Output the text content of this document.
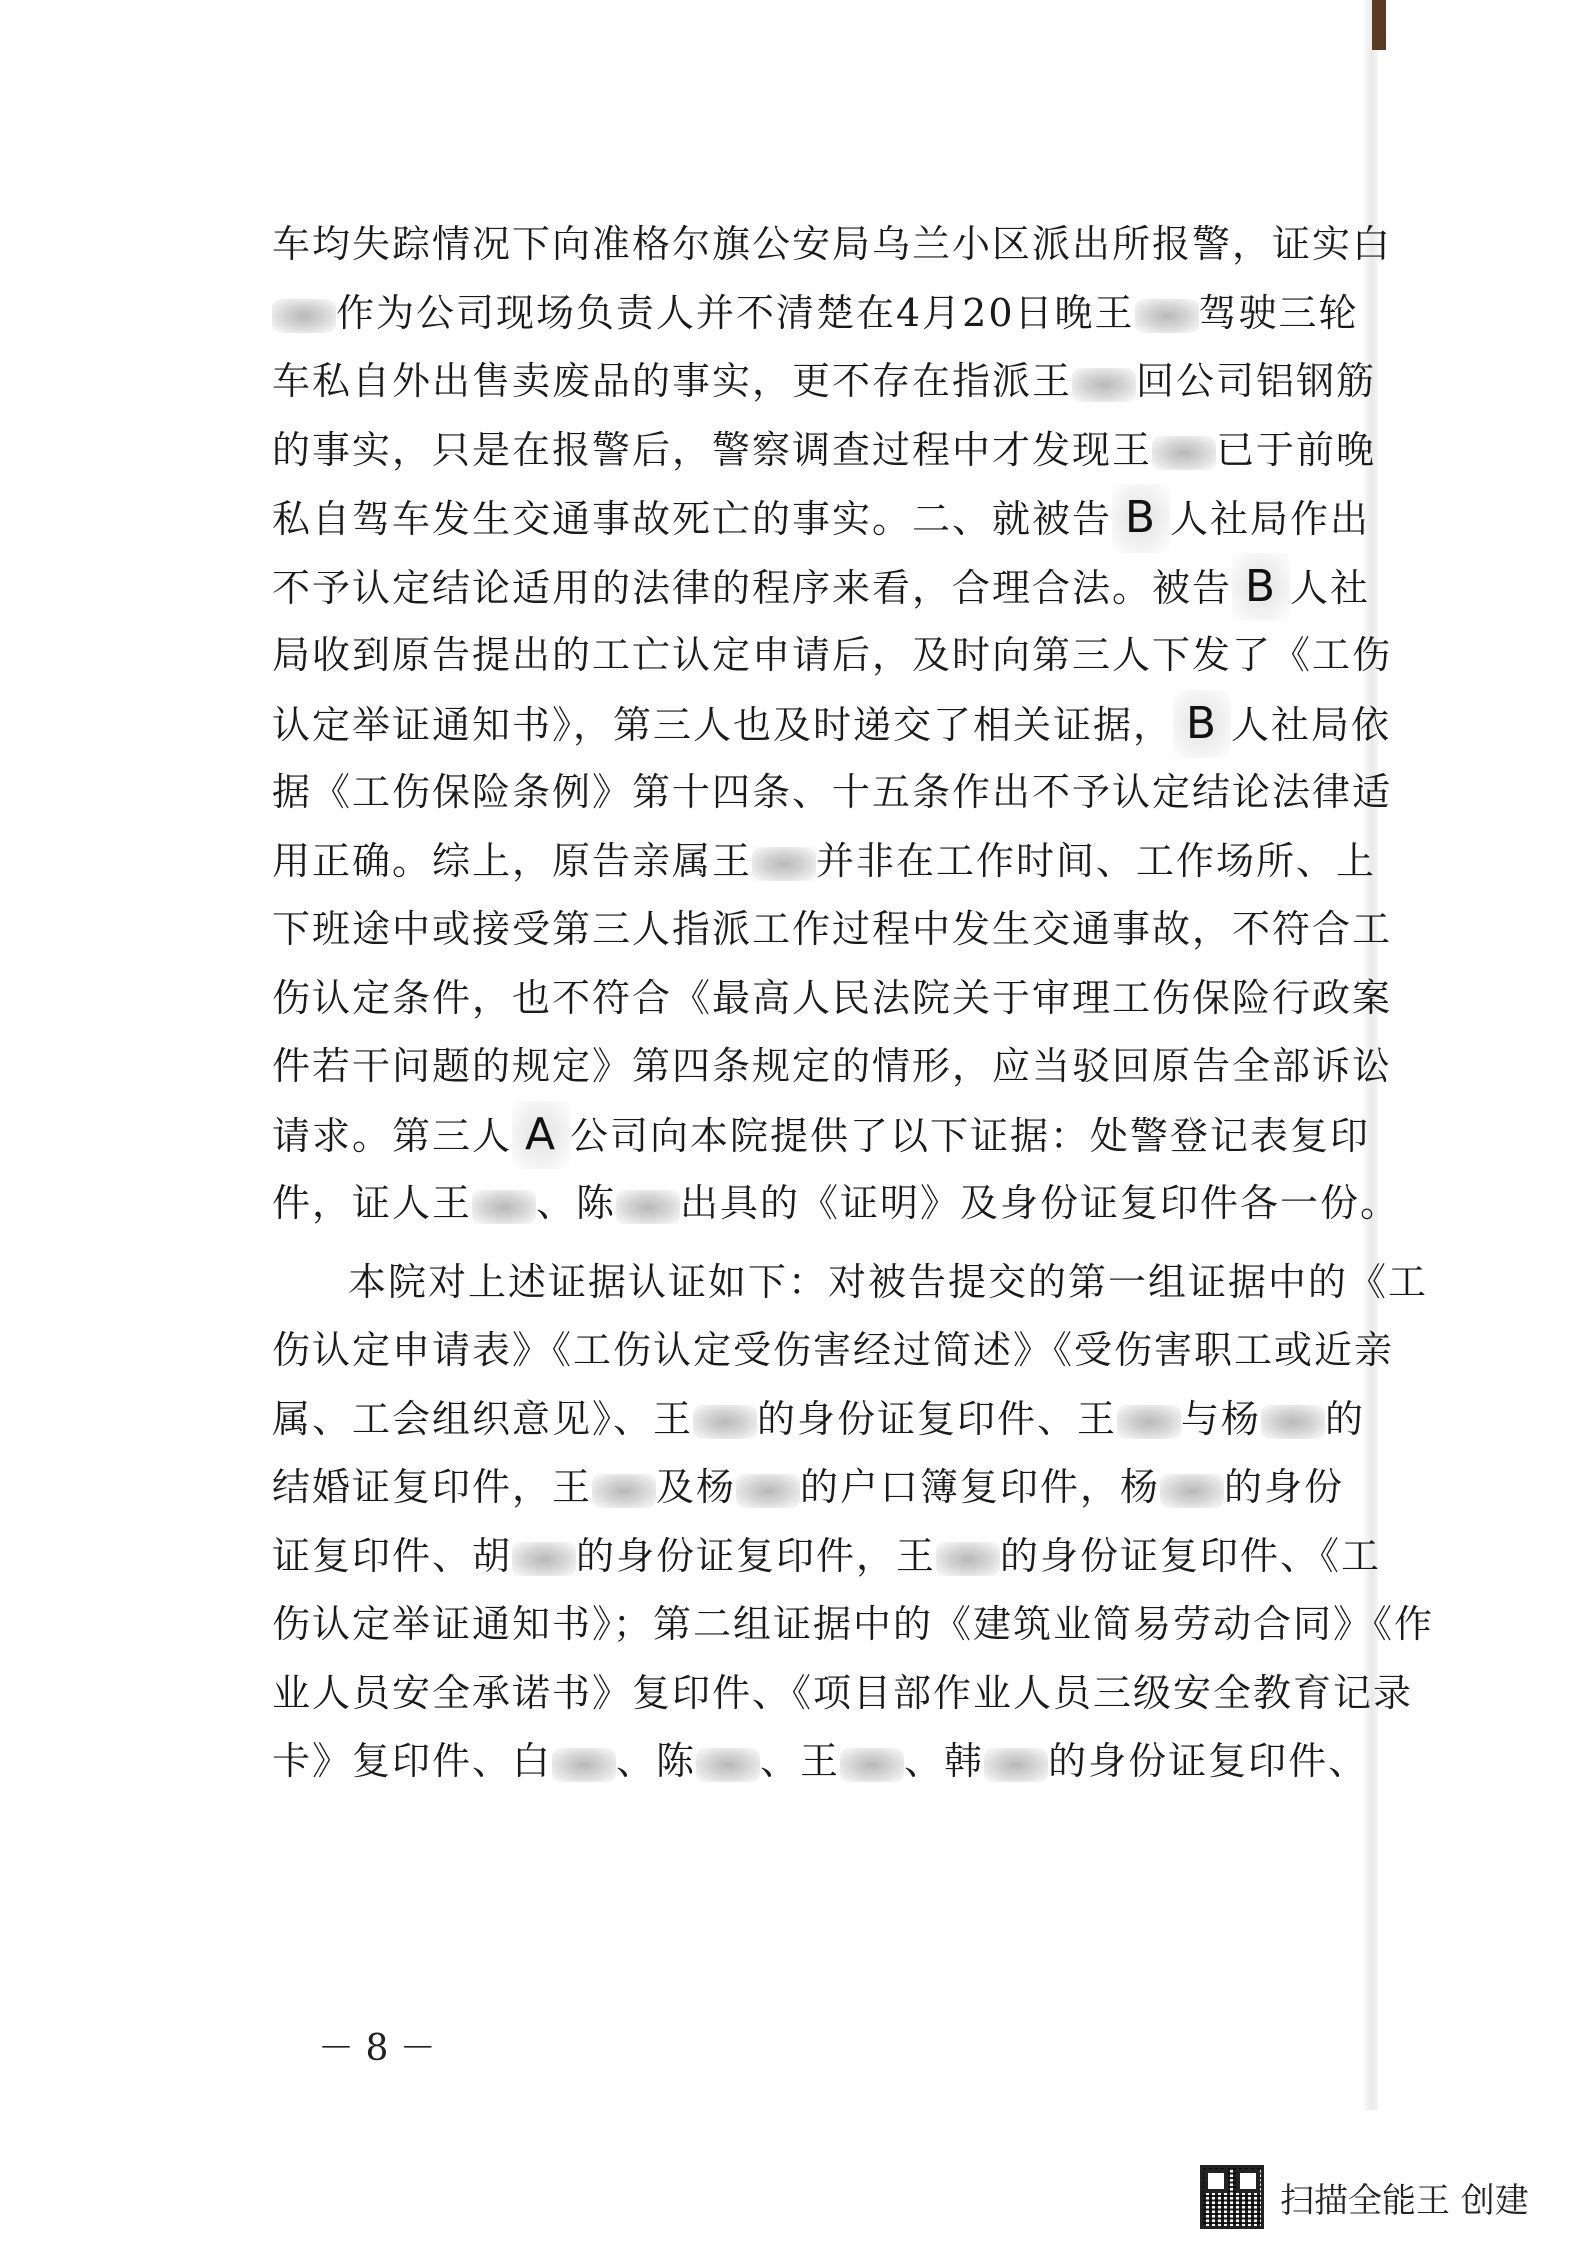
车均失踪情况下向准格尔旗公安局乌兰小区派出所报警，证实白
作为公司现场负责人并不清楚在4月20日晚王 驾驶三轮
车私自外出售卖废品的事实，更不存在指派王 回公司铝钢筋
的事实，只是在报警后，警察调查过程中才发现王 已于前晚
私自驾车发生交通事故死亡的事实。二、就被告 B 人社局作出
不予认定结论适用的法律的程序来看，合理合法。被告 B 人社
局收到原告提出的工亡认定申请后，及时向第三人下发了《工伤
认定举证通知书》，第三人也及时递交了相关证据， B 人社局依
据《工伤保险条例》第十四条、十五条作出不予认定结论法律适
用正确。综上，原告亲属王 并非在工作时间、工作场所、上
下班途中或接受第三人指派工作过程中发生交通事故，不符合工
伤认定条件，也不符合《最高人民法院关于审理工伤保险行政案
件若干问题的规定》第四条规定的情形，应当驳回原告全部诉讼
请求。第三人 A 公司向本院提供了以下证据：处警登记表复印
件，证人王 、陈 出具的《证明》及身份证复印件各一份。
本院对上述证据认证如下：对被告提交的第一组证据中的《工
伤认定申请表》《工伤认定受伤害经过简述》《受伤害职工或近亲
属、工会组织意见》、王 的身份证复印件、王 与杨 的
结婚证复印件，王 及杨 的户口簿复印件，杨 的身份
证复印件、胡 的身份证复印件，王 的身份证复印件、《工
伤认定举证通知书》；第二组证据中的《建筑业简易劳动合同》《作
业人员安全承诺书》复印件、《项目部作业人员三级安全教育记录
卡》复印件、白 、陈 、王 、韩 的身份证复印件、
－ 8 －
扫描全能王 创建
